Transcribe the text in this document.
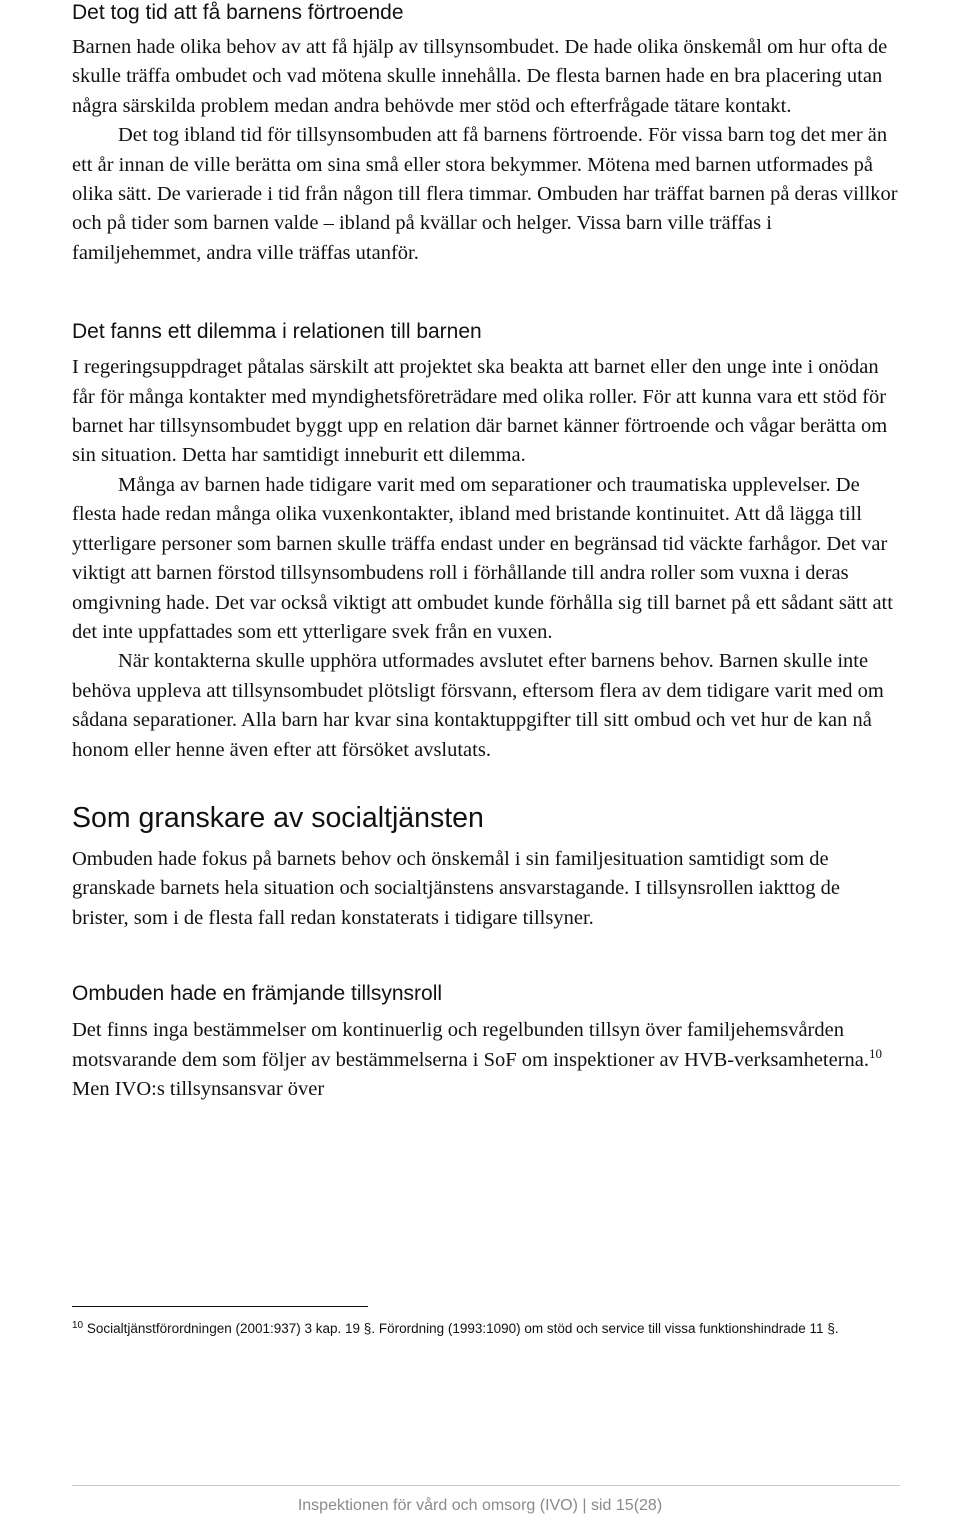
Det tog tid att få barnens förtroende

Barnen hade olika behov av att få hjälp av tillsynsombudet. De hade olika önskemål om hur ofta de skulle träffa ombudet och vad mötena skulle innehålla. De flesta barnen hade en bra placering utan några särskilda problem medan andra behövde mer stöd och efterfrågade tätare kontakt.

Det tog ibland tid för tillsynsombuden att få barnens förtroende. För vissa barn tog det mer än ett år innan de ville berätta om sina små eller stora bekymmer. Mötena med barnen utformades på olika sätt. De varierade i tid från någon till flera timmar. Ombuden har träffat barnen på deras villkor och på tider som barnen valde – ibland på kvällar och helger. Vissa barn ville träffas i familjehemmet, andra ville träffas utanför.

Det fanns ett dilemma i relationen till barnen

I regeringsuppdraget påtalas särskilt att projektet ska beakta att barnet eller den unge inte i onödan får för många kontakter med myndighetsföreträdare med olika roller. För att kunna vara ett stöd för barnet har tillsynsombudet byggt upp en relation där barnet känner förtroende och vågar berätta om sin situation. Detta har samtidigt inneburit ett dilemma.

Många av barnen hade tidigare varit med om separationer och traumatiska upplevelser. De flesta hade redan många olika vuxenkontakter, ibland med bristande kontinuitet. Att då lägga till ytterligare personer som barnen skulle träffa endast under en begränsad tid väckte farhågor. Det var viktigt att barnen förstod tillsynsombudens roll i förhållande till andra roller som vuxna i deras omgivning hade. Det var också viktigt att ombudet kunde förhålla sig till barnet på ett sådant sätt att det inte uppfattades som ett ytterligare svek från en vuxen.

När kontakterna skulle upphöra utformades avslutet efter barnens behov. Barnen skulle inte behöva uppleva att tillsynsombudet plötsligt försvann, eftersom flera av dem tidigare varit med om sådana separationer. Alla barn har kvar sina kontaktuppgifter till sitt ombud och vet hur de kan nå honom eller henne även efter att försöket avslutats.

Som granskare av socialtjänsten

Ombuden hade fokus på barnets behov och önskemål i sin familjesituation samtidigt som de granskade barnets hela situation och socialtjänstens ansvarstagande. I tillsynsrollen iakttog de brister, som i de flesta fall redan konstaterats i tidigare tillsyner.

Ombuden hade en främjande tillsynsroll

Det finns inga bestämmelser om kontinuerlig och regelbunden tillsyn över familjehemsvården motsvarande dem som följer av bestämmelserna i SoF om inspektioner av HVB-verksamheterna.$^{10}$ Men IVO:s tillsynsansvar över

$^{10}$ Socialtjänstförordningen (2001:937) 3 kap. 19 §. Förordning (1993:1090) om stöd och service till vissa funktionshindrade 11 §.
Inspektionen för vård och omsorg (IVO) | sid 15(28)
